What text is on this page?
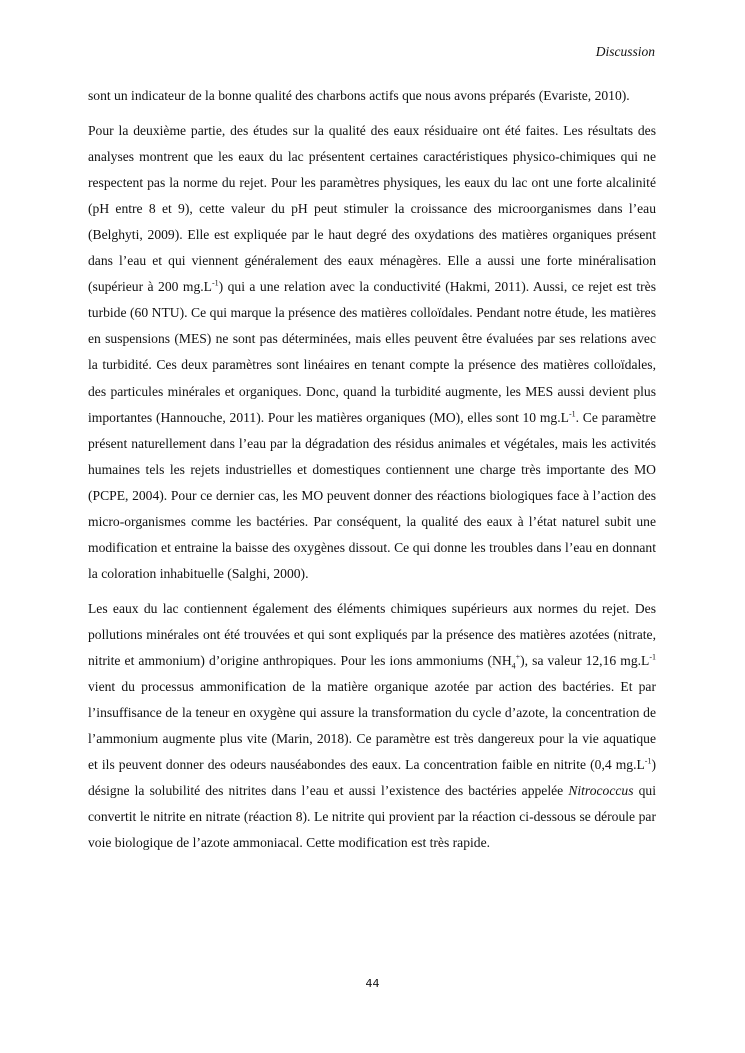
Discussion

sont un indicateur de la bonne qualité des charbons actifs que nous avons préparés (Evariste, 2010).

Pour la deuxième partie, des études sur la qualité des eaux résiduaire ont été faites. Les résultats des analyses montrent que les eaux du lac présentent certaines caractéristiques physico-chimiques qui ne respectent pas la norme du rejet. Pour les paramètres physiques, les eaux du lac ont une forte alcalinité (pH entre 8 et 9), cette valeur du pH peut stimuler la croissance des microorganismes dans l’eau (Belghyti, 2009). Elle est expliquée par le haut degré des oxydations des matières organiques présent dans l’eau et qui viennent généralement des eaux ménagères. Elle a aussi une forte minéralisation (supérieur à 200 $mg.L^{-1}$) qui a une relation avec la conductivité (Hakmi, 2011). Aussi, ce rejet est très turbide (60 NTU). Ce qui marque la présence des matières colloïdales. Pendant notre étude, les matières en suspensions (MES) ne sont pas déterminées, mais elles peuvent être évaluées par ses relations avec la turbidité. Ces deux paramètres sont linéaires en tenant compte la présence des matières colloïdales, des particules minérales et organiques. Donc, quand la turbidité augmente, les MES aussi devient plus importantes (Hannouche, 2011). Pour les matières organiques (MO), elles sont 10 $mg.L^{-1}$. Ce paramètre présent naturellement dans l’eau par la dégradation des résidus animales et végétales, mais les activités humaines tels les rejets industrielles et domestiques contiennent une charge très importante des MO (PCPE, 2004). Pour ce dernier cas, les MO peuvent donner des réactions biologiques face à l’action des micro-organismes comme les bactéries. Par conséquent, la qualité des eaux à l’état naturel subit une modification et entraine la baisse des oxygènes dissout. Ce qui donne les troubles dans l’eau en donnant la coloration inhabituelle (Salghi, 2000).

Les eaux du lac contiennent également des éléments chimiques supérieurs aux normes du rejet. Des pollutions minérales ont été trouvées et qui sont expliqués par la présence des matières azotées (nitrate, nitrite et ammonium) d’origine anthropiques. Pour les ions ammoniums $(NH_4^+)$, sa valeur 12,16 $mg.L^{-1}$ vient du processus ammonification de la matière organique azotée par action des bactéries. Et par l’insuffisance de la teneur en oxygène qui assure la transformation du cycle d’azote, la concentration de l’ammonium augmente plus vite (Marin, 2018). Ce paramètre est très dangereux pour la vie aquatique et ils peuvent donner des odeurs nauséabondes des eaux. La concentration faible en nitrite (0,4 $mg.L^{-1}$) désigne la solubilité des nitrites dans l’eau et aussi l’existence des bactéries appelée Nitrococcus qui convertit le nitrite en nitrate (réaction 8). Le nitrite qui provient par la réaction ci-dessous se déroule par voie biologique de l’azote ammoniacal. Cette modification est très rapide.

44
